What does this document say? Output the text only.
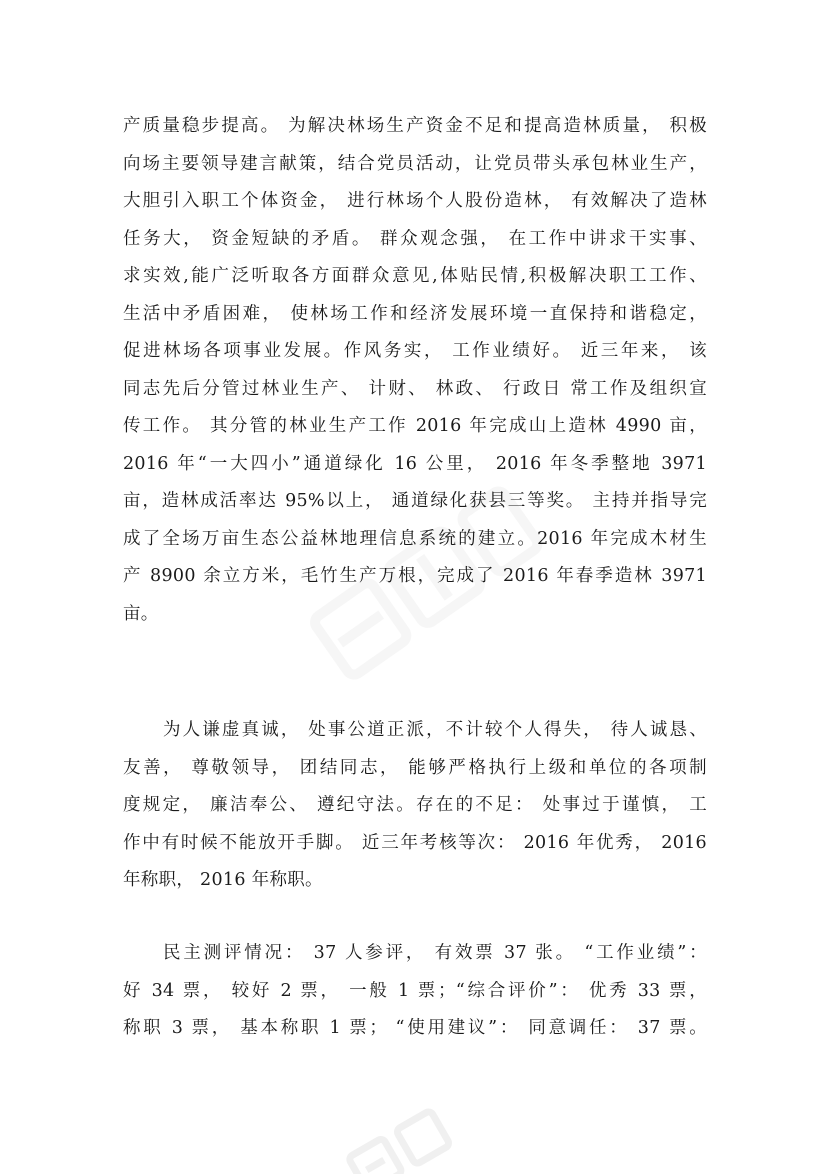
产质量稳步提高。 为解决林场生产资金不足和提高造林质量， 积极
向场主要领导建言献策，结合党员活动，让党员带头承包林业生产，
大胆引入职工个体资金， 进行林场个人股份造林， 有效解决了造林
任务大， 资金短缺的矛盾。 群众观念强， 在工作中讲求干实事、
求实效,能广泛听取各方面群众意见,体贴民情,积极解决职工工作、
生活中矛盾困难， 使林场工作和经济发展环境一直保持和谐稳定，
促进林场各项事业发展。作风务实， 工作业绩好。 近三年来， 该
同志先后分管过林业生产、 计财、 林政、 行政日 常工作及组织宣
传工作。 其分管的林业生产工作 2016 年完成山上造林 4990 亩，
2016 年“一大四小”通道绿化 16 公里， 2016 年冬季整地 3971
亩，造林成活率达 95%以上， 通道绿化获县三等奖。 主持并指导完
成了全场万亩生态公益林地理信息系统的建立。2016 年完成木材生
产 8900 余立方米，毛竹生产万根，完成了 2016 年春季造林 3971
亩。
为人谦虚真诚， 处事公道正派，不计较个人得失， 待人诚恳、
友善， 尊敬领导， 团结同志， 能够严格执行上级和单位的各项制
度规定， 廉洁奉公、 遵纪守法。存在的不足： 处事过于谨慎， 工
作中有时候不能放开手脚。 近三年考核等次： 2016 年优秀， 2016
年称职， 2016 年称职。
民主测评情况： 37 人参评， 有效票 37 张。 “工作业绩”：
好 34 票， 较好 2 票， 一般 1 票；“综合评价”： 优秀 33 票，
称职 3 票， 基本称职 1 票； “使用建议”： 同意调任： 37 票。
